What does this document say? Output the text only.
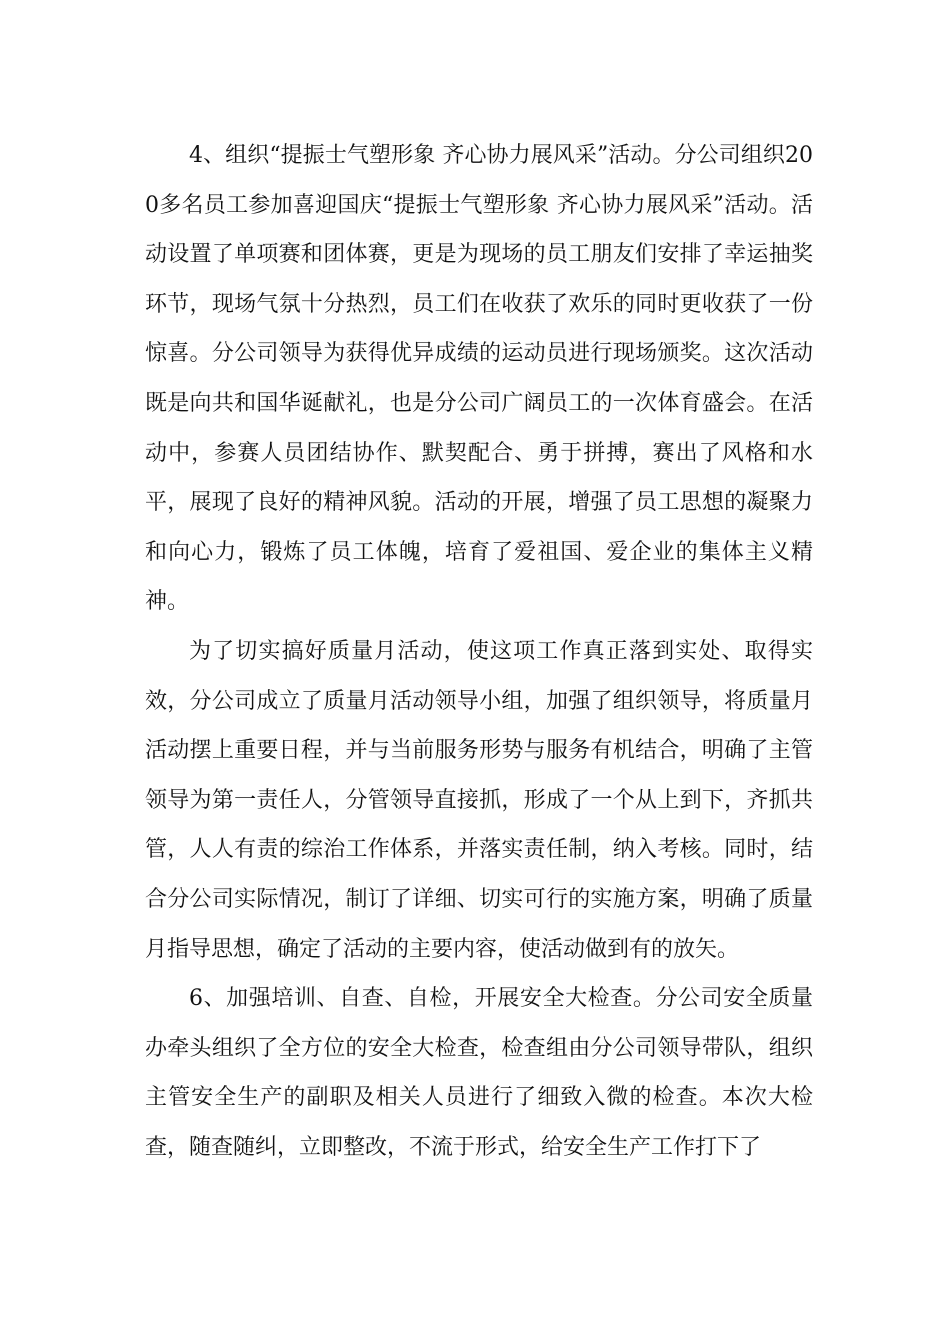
4、组织“提振士气塑形象 齐心协力展风采”活动。分公司组织200多名员工参加喜迎国庆“提振士气塑形象 齐心协力展风采”活动。活动设置了单项赛和团体赛，更是为现场的员工朋友们安排了幸运抽奖环节，现场气氛十分热烈，员工们在收获了欢乐的同时更收获了一份惊喜。分公司领导为获得优异成绩的运动员进行现场颁奖。这次活动既是向共和国华诞献礼，也是分公司广阔员工的一次体育盛会。在活动中，参赛人员团结协作、默契配合、勇于拼搏，赛出了风格和水平，展现了良好的精神风貌。活动的开展，增强了员工思想的凝聚力和向心力，锻炼了员工体魄，培育了爱祖国、爱企业的集体主义精神。

为了切实搞好质量月活动，使这项工作真正落到实处、取得实效，分公司成立了质量月活动领导小组，加强了组织领导，将质量月活动摆上重要日程，并与当前服务形势与服务有机结合，明确了主管领导为第一责任人，分管领导直接抓，形成了一个从上到下，齐抓共管，人人有责的综治工作体系，并落实责任制，纳入考核。同时，结合分公司实际情况，制订了详细、切实可行的实施方案，明确了质量月指导思想，确定了活动的主要内容，使活动做到有的放矢。

6、加强培训、自查、自检，开展安全大检查。分公司安全质量办牵头组织了全方位的安全大检查，检查组由分公司领导带队，组织主管安全生产的副职及相关人员进行了细致入微的检查。本次大检查，随查随纠，立即整改，不流于形式，给安全生产工作打下了
